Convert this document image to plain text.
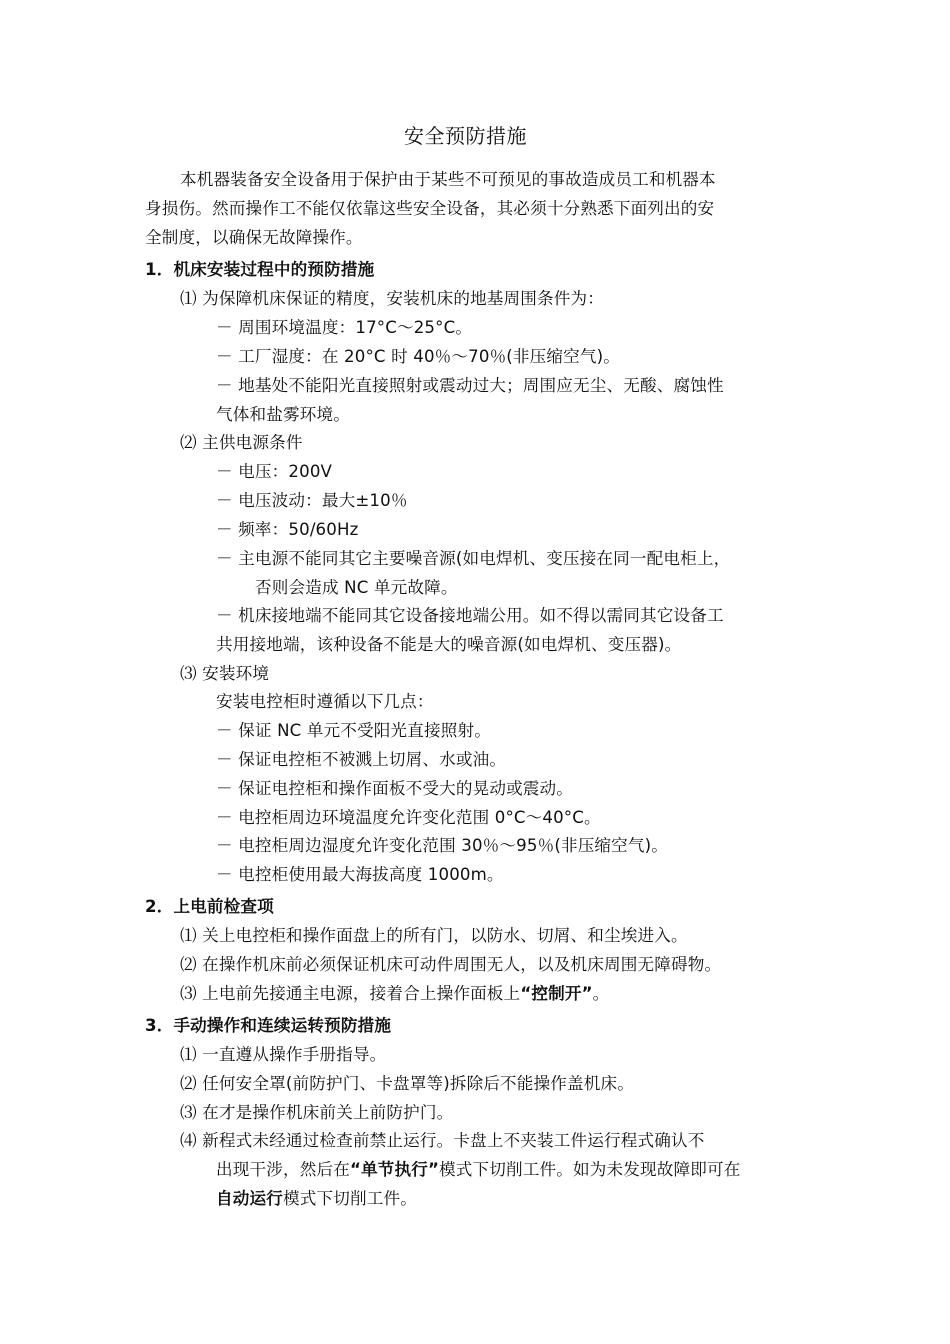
安全预防措施
本机器装备安全设备用于保护由于某些不可预见的事故造成员工和机器本
身损伤。然而操作工不能仅依靠这些安全设备，其必须十分熟悉下面列出的安
全制度，以确保无故障操作。
1．机床安装过程中的预防措施
⑴ 为保障机床保证的精度，安装机床的地基周围条件为：
－ 周围环境温度：17°C～25°C。
－ 工厂湿度：在 20°C 时 40％～70％(非压缩空气)。
－ 地基处不能阳光直接照射或震动过大；周围应无尘、无酸、腐蚀性
气体和盐雾环境。
⑵ 主供电源条件
－ 电压：200V
－ 电压波动：最大±10％
－ 频率：50/60Hz
－ 主电源不能同其它主要噪音源(如电焊机、变压接在同一配电柜上，
否则会造成 NC 单元故障。
－ 机床接地端不能同其它设备接地端公用。如不得以需同其它设备工
共用接地端，该种设备不能是大的噪音源(如电焊机、变压器)。
⑶ 安装环境
安装电控柜时遵循以下几点：
－ 保证 NC 单元不受阳光直接照射。
－ 保证电控柜不被溅上切屑、水或油。
－ 保证电控柜和操作面板不受大的晃动或震动。
－ 电控柜周边环境温度允许变化范围 0°C～40°C。
－ 电控柜周边湿度允许变化范围 30％～95％(非压缩空气)。
－ 电控柜使用最大海拔高度 1000m。
2．上电前检查项
⑴ 关上电控柜和操作面盘上的所有门，以防水、切屑、和尘埃进入。
⑵ 在操作机床前必须保证机床可动件周围无人，以及机床周围无障碍物。
⑶ 上电前先接通主电源，接着合上操作面板上“控制开”。
3．手动操作和连续运转预防措施
⑴ 一直遵从操作手册指导。
⑵ 任何安全罩(前防护门、卡盘罩等)拆除后不能操作盖机床。
⑶ 在才是操作机床前关上前防护门。
⑷ 新程式未经通过检查前禁止运行。卡盘上不夹装工件运行程式确认不
出现干涉，然后在“单节执行”模式下切削工件。如为未发现故障即可在
自动运行模式下切削工件。
